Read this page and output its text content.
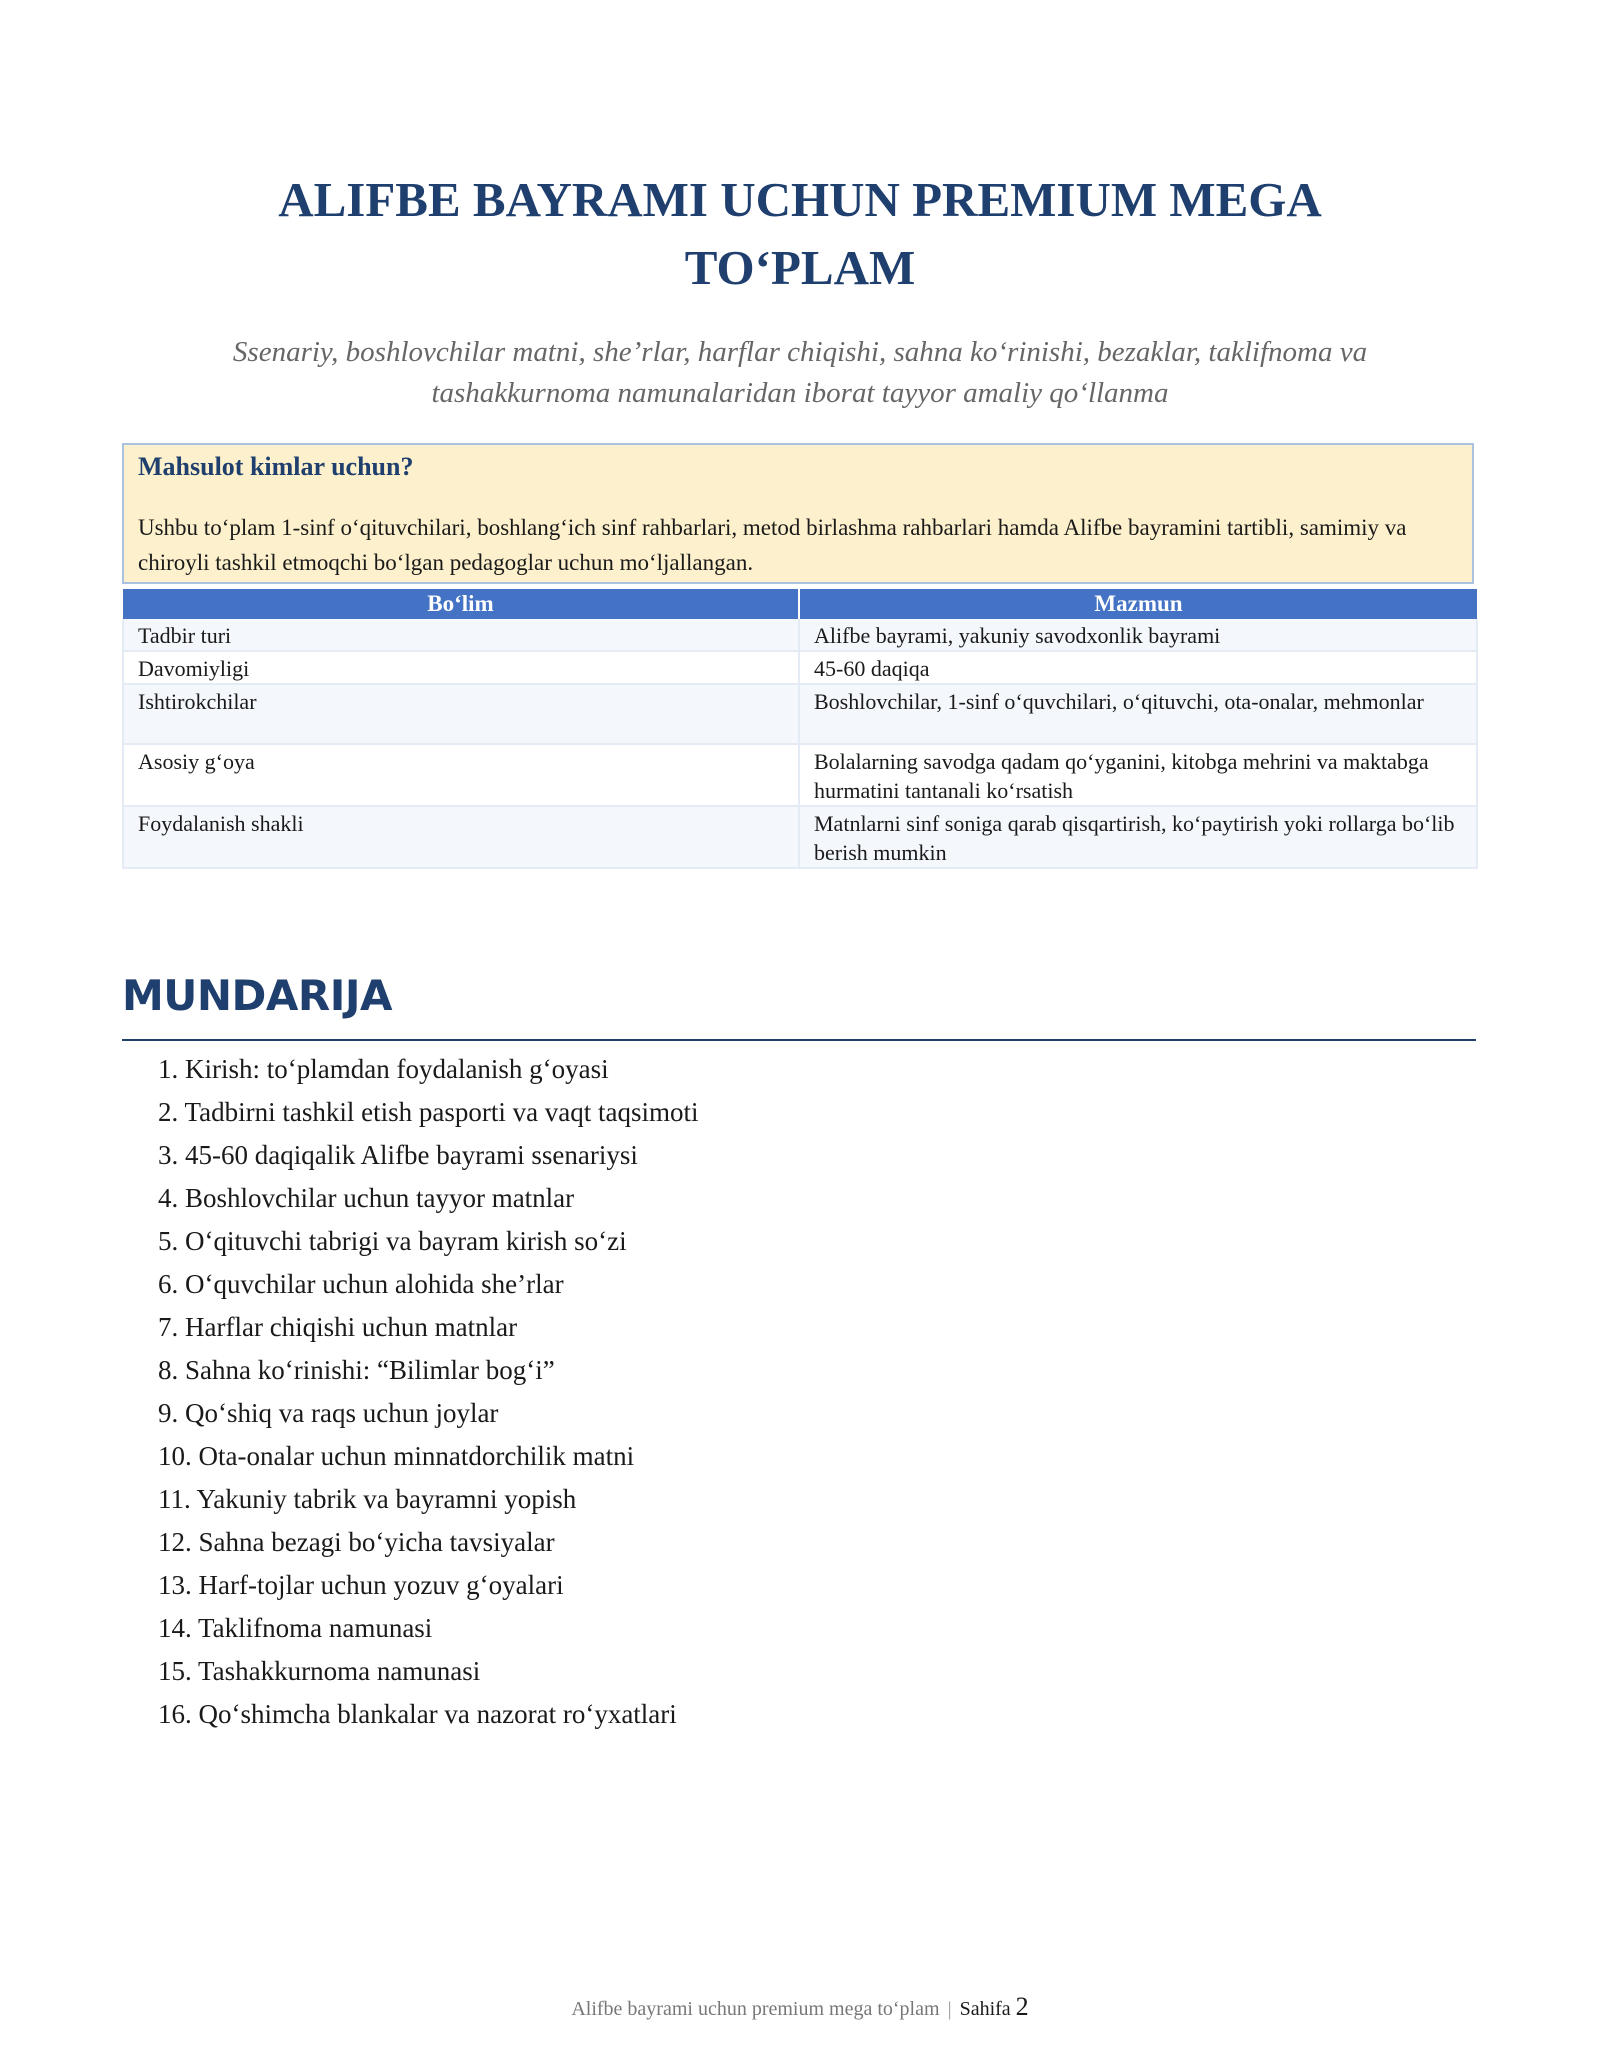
ALIFBE BAYRAMI UCHUN PREMIUM MEGA
TO‘PLAM

Ssenariy, boshlovchilar matni, she’rlar, harflar chiqishi, sahna ko‘rinishi, bezaklar, taklifnoma va tashakkurnoma namunalaridan iborat tayyor amaliy qo‘llanma

Mahsulot kimlar uchun?
Ushbu to‘plam 1-sinf o‘qituvchilari, boshlang‘ich sinf rahbarlari, metod birlashma rahbarlari hamda Alifbe bayramini tartibli, samimiy va chiroyli tashkil etmoqchi bo‘lgan pedagoglar uchun mo‘ljallangan.
Bo‘lim	Mazmun
Tadbir turi	Alifbe bayrami, yakuniy savodxonlik bayrami
Davomiyligi	45-60 daqiqa
Ishtirokchilar	Boshlovchilar, 1-sinf o‘quvchilari, o‘qituvchi, ota-onalar, mehmonlar
Asosiy g‘oya	Bolalarning savodga qadam qo‘yganini, kitobga mehrini va maktabga hurmatini tantanali ko‘rsatish
Foydalanish shakli	Matnlarni sinf soniga qarab qisqartirish, ko‘paytirish yoki rollarga bo‘lib berish mumkin
MUNDARIJA
1. Kirish: to‘plamdan foydalanish g‘oyasi
2. Tadbirni tashkil etish pasporti va vaqt taqsimoti
3. 45-60 daqiqalik Alifbe bayrami ssenariysi
4. Boshlovchilar uchun tayyor matnlar
5. O‘qituvchi tabrigi va bayram kirish so‘zi
6. O‘quvchilar uchun alohida she’rlar
7. Harflar chiqishi uchun matnlar
8. Sahna ko‘rinishi: “Bilimlar bog‘i”
9. Qo‘shiq va raqs uchun joylar
10. Ota-onalar uchun minnatdorchilik matni
11. Yakuniy tabrik va bayramni yopish
12. Sahna bezagi bo‘yicha tavsiyalar
13. Harf-tojlar uchun yozuv g‘oyalari
14. Taklifnoma namunasi
15. Tashakkurnoma namunasi
16. Qo‘shimcha blankalar va nazorat ro‘yxatlari
Alifbe bayrami uchun premium mega to‘plam | Sahifa 2
